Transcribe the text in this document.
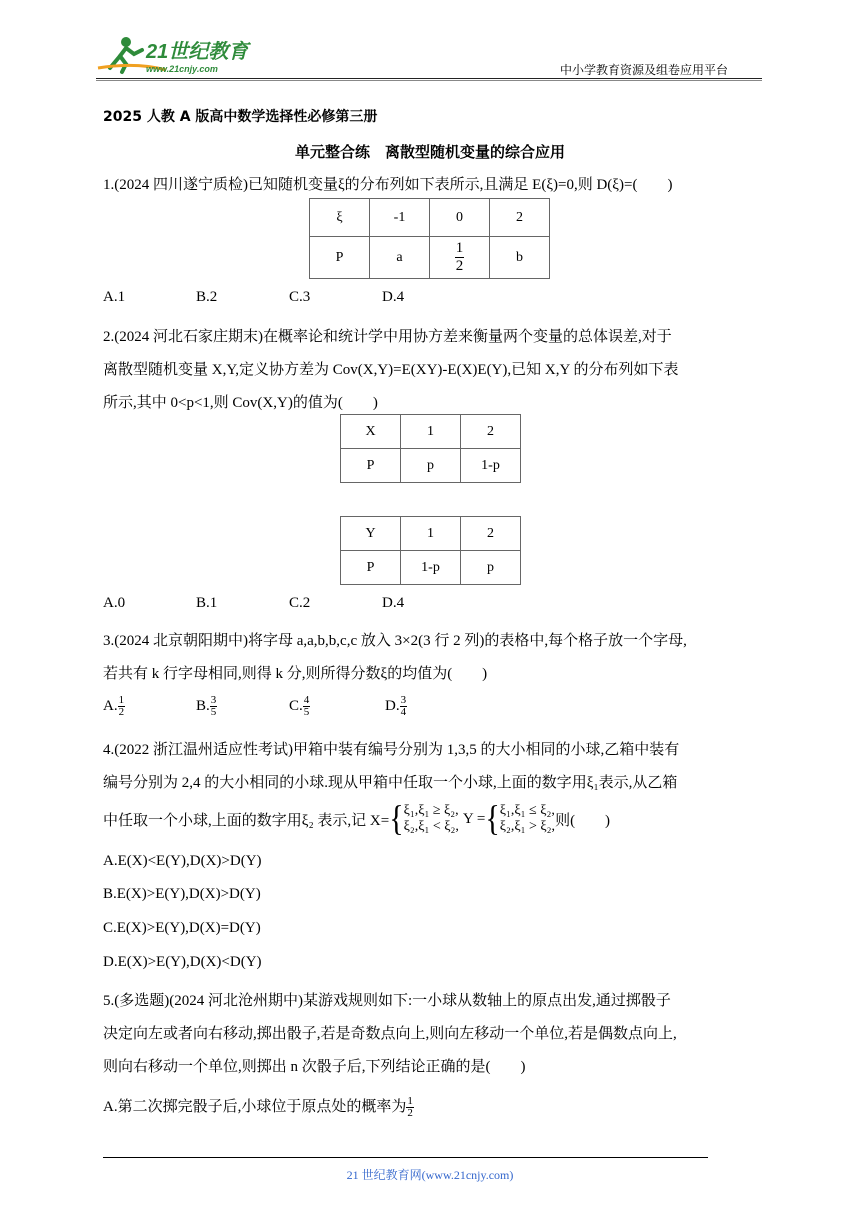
21世纪教育
www.21cnjy.com	中小学教育资源及组卷应用平台
2025 人教 A 版高中数学选择性必修第三册
单元整合练　离散型随机变量的综合应用
1.(2024 四川遂宁质检)已知随机变量ξ的分布列如下表所示,且满足 E(ξ)=0,则 D(ξ)=(　　)
ξ	-1	0	2
P	a	$\frac{1}{2}$	b
A.1	B.2	C.3	D.4
2.(2024 河北石家庄期末)在概率论和统计学中用协方差来衡量两个变量的总体误差,对于
离散型随机变量 X,Y,定义协方差为 Cov(X,Y)=E(XY)-E(X)E(Y),已知 X,Y 的分布列如下表
所示,其中 0<p<1,则 Cov(X,Y)的值为(　　)
X	1	2
P	p	1-p
Y	1	2
P	1-p	p
A.0	B.1	C.2	D.4
3.(2024 北京朝阳期中)将字母 a,a,b,b,c,c 放入 3×2(3 行 2 列)的表格中,每个格子放一个字母,
若共有 k 行字母相同,则得 k 分,则所得分数ξ的均值为(　　)
A. $\frac{1}{2}$	B. $\frac{3}{5}$	C. $\frac{4}{5}$	D. $\frac{3}{4}$
4.(2022 浙江温州适应性考试)甲箱中装有编号分别为 1,3,5 的大小相同的小球,乙箱中装有
编号分别为 2,4 的大小相同的小球.现从甲箱中任取一个小球,上面的数字用ξ₁表示,从乙箱
中任取一个小球,上面的数字用ξ₂ 表示,记 X= { ξ₁,ξ₁ ≥ ξ₂,
ξ₂,ξ₁ < ξ₂, Y = { ξ₁,ξ₁ ≤ ξ₂,
ξ₂,ξ₁ > ξ₂, 则(　　)
A.E(X)<E(Y),D(X)>D(Y)
B.E(X)>E(Y),D(X)>D(Y)
C.E(X)>E(Y),D(X)=D(Y)
D.E(X)>E(Y),D(X)<D(Y)
5.(多选题)(2024 河北沧州期中)某游戏规则如下:一小球从数轴上的原点出发,通过掷骰子
决定向左或者向右移动,掷出骰子,若是奇数点向上,则向左移动一个单位,若是偶数点向上,
则向右移动一个单位,则掷出 n 次骰子后,下列结论正确的是(　　)
A.第二次掷完骰子后,小球位于原点处的概率为 $\frac{1}{2}$
21 世纪教育网(www.21cnjy.com)
